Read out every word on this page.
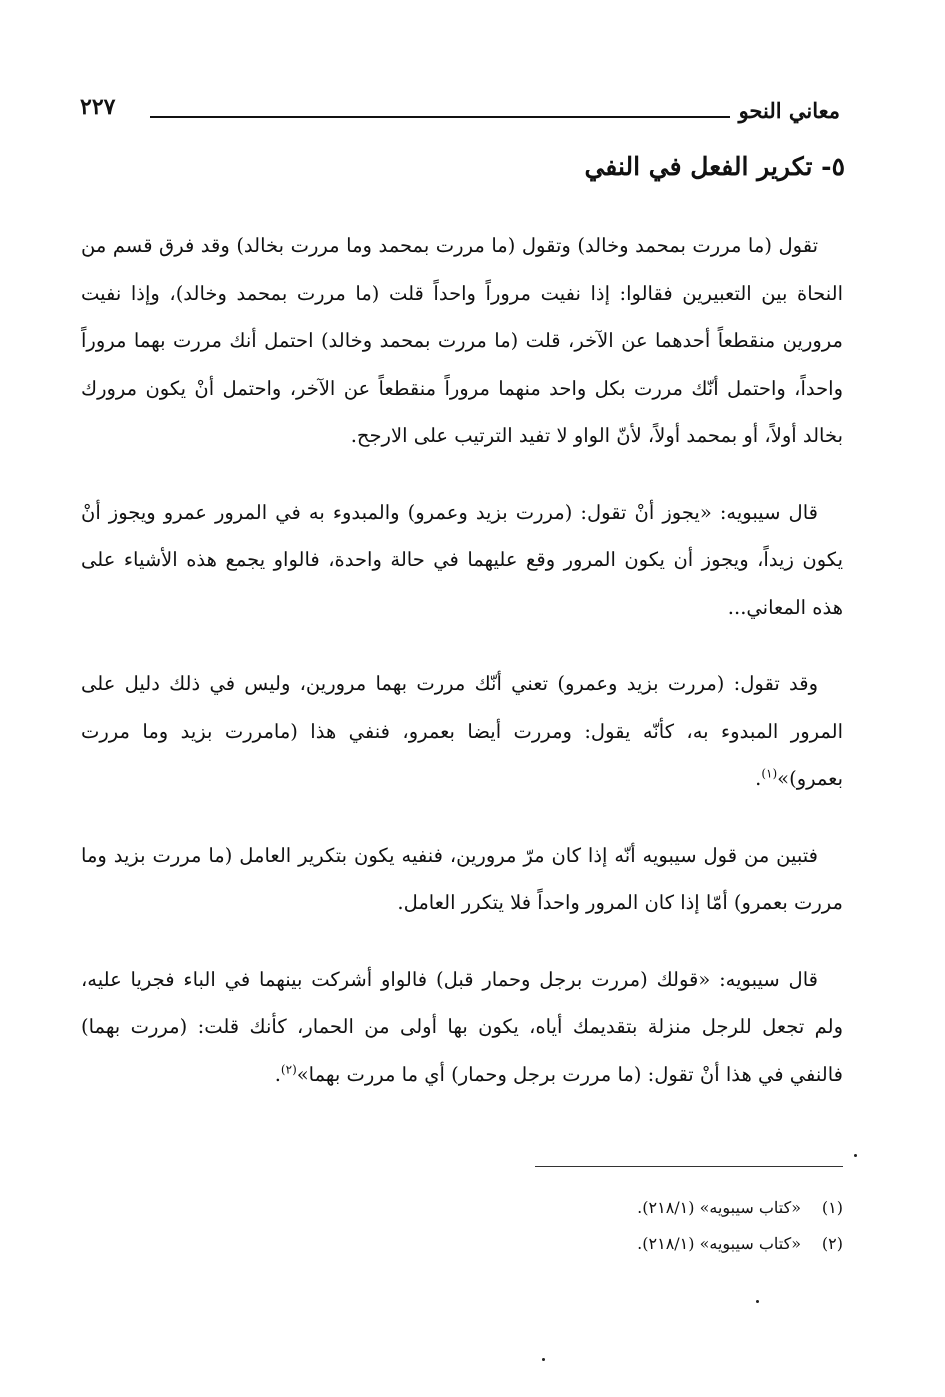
معاني النحو
٢٢٧
٥- تكرير الفعل في النفي

تقول (ما مررت بمحمد وخالد) وتقول (ما مررت بمحمد وما مررت بخالد) وقد فرق قسم من النحاة بين التعبيرين فقالوا: إذا نفيت مروراً واحداً قلت (ما مررت بمحمد وخالد)، وإذا نفيت مرورين منقطعاً أحدهما عن الآخر، قلت (ما مررت بمحمد وخالد) احتمل أنك مررت بهما مروراً واحداً، واحتمل أنّك مررت بكل واحد منهما مروراً منقطعاً عن الآخر، واحتمل أنْ يكون مرورك بخالد أولاً، أو بمحمد أولاً، لأنّ الواو لا تفيد الترتيب على الارجح.

قال سيبويه: «يجوز أنْ تقول: (مررت بزيد وعمرو) والمبدوء به في المرور عمرو ويجوز أنْ يكون زيداً، ويجوز أن يكون المرور وقع عليهما في حالة واحدة، فالواو يجمع هذه الأشياء على هذه المعاني...

وقد تقول: (مررت بزيد وعمرو) تعني أنّك مررت بهما مرورين، وليس في ذلك دليل على المرور المبدوء به، كأنّه يقول: ومررت أيضا بعمرو، فنفي هذا (مامررت بزيد وما مررت بعمرو)»$^{(١)}$.

فتبين من قول سيبويه أنّه إذا كان مرّ مرورين، فنفيه يكون بتكرير العامل (ما مررت بزيد وما مررت بعمرو) أمّا إذا كان المرور واحداً فلا يتكرر العامل.

قال سيبويه: «قولك (مررت برجل وحمار قبل) فالواو أشركت بينهما في الباء فجريا عليه، ولم تجعل للرجل منزلة بتقديمك أياه، يكون بها أولى من الحمار، كأنك قلت: (مررت بهما) فالنفي في هذا أنْ تقول: (ما مررت برجل وحمار) أي ما مررت بهما»$^{(٢)}$.

(١)
«كتاب سيبويه» (٢١٨/١).
(٢)
«كتاب سيبويه» (٢١٨/١).
